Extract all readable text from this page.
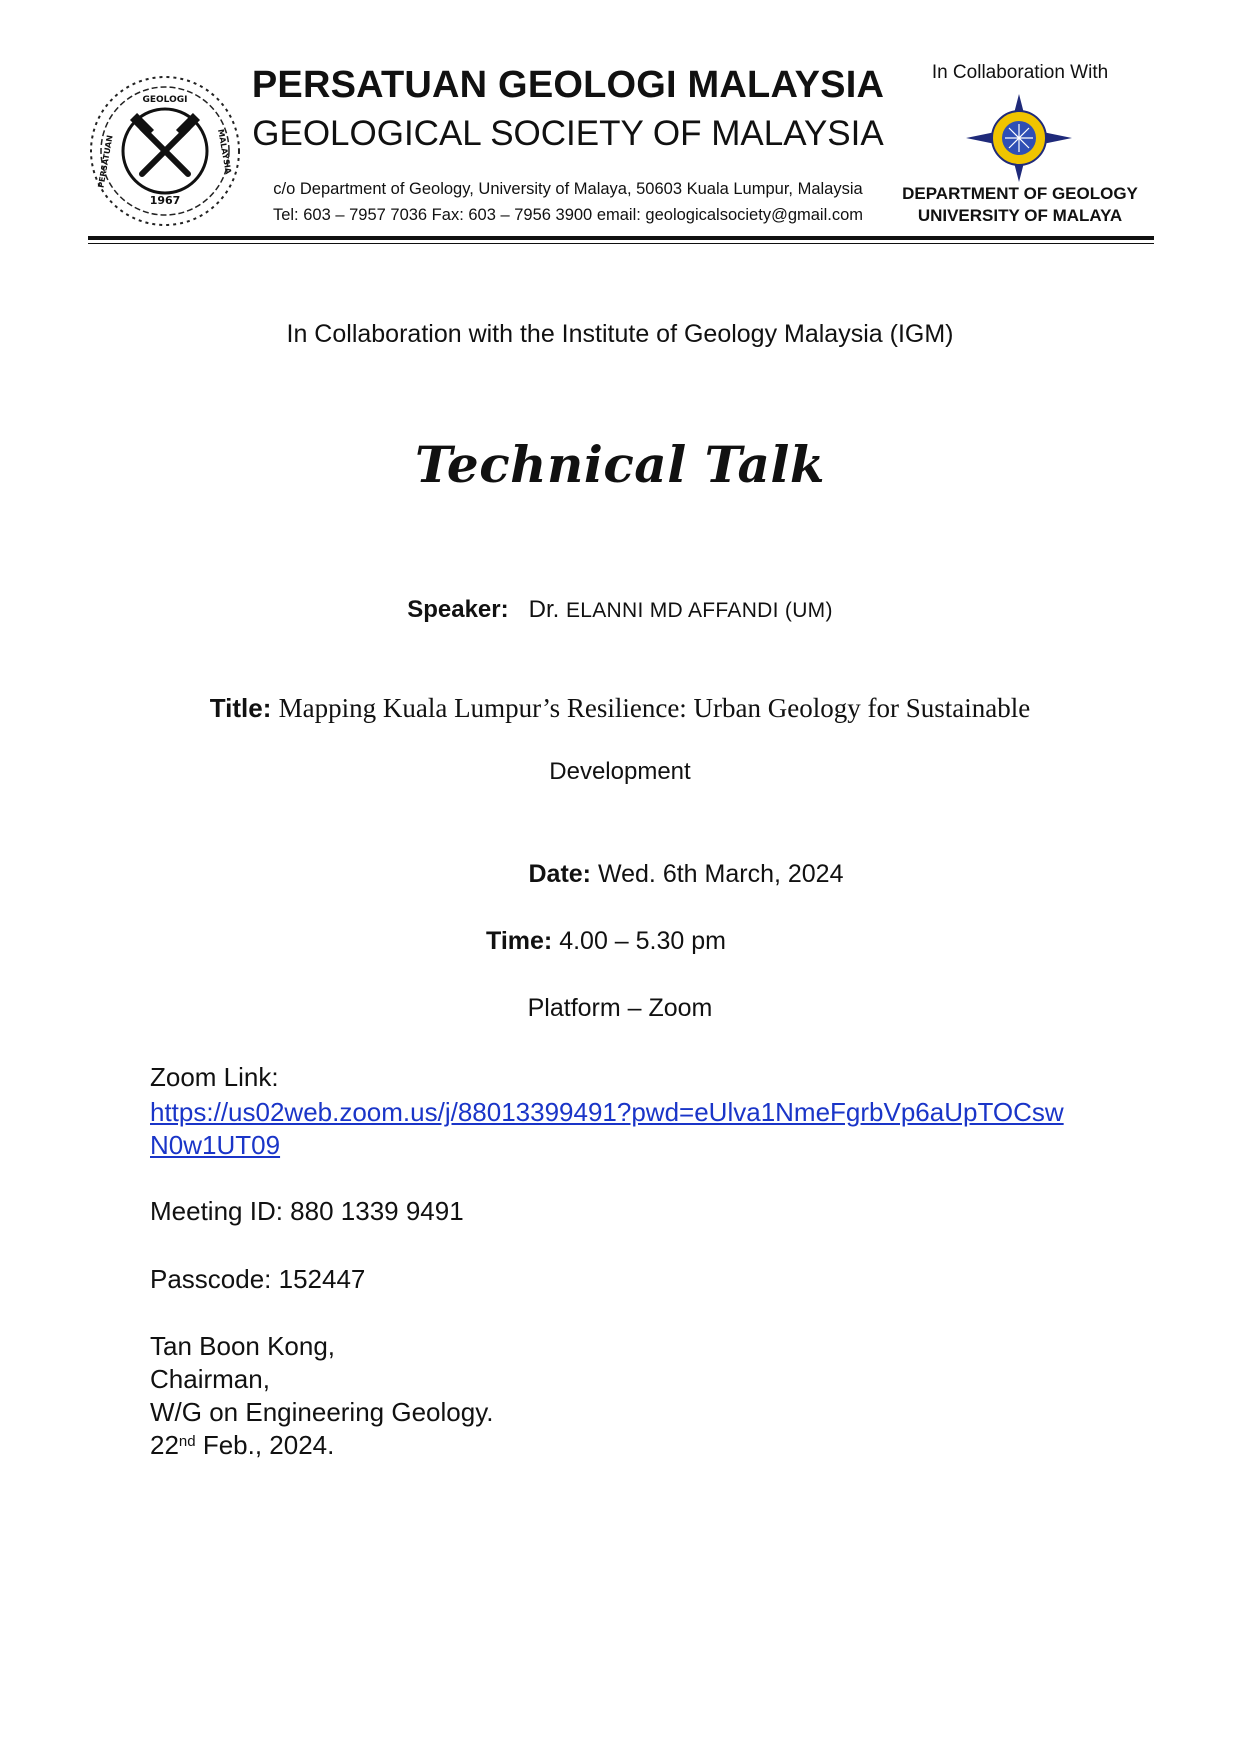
1967
GEOLOGI
PERSATUAN	MALAYSIA
PERSATUAN GEOLOGI MALAYSIA
GEOLOGICAL SOCIETY OF MALAYSIA
c/o Department of Geology, University of Malaya, 50603 Kuala Lumpur, Malaysia
Tel: 603 – 7957 7036 Fax: 603 – 7956 3900 email: geologicalsociety@gmail.com
In Collaboration With
DEPARTMENT OF GEOLOGY
UNIVERSITY OF MALAYA
In Collaboration with the Institute of Geology Malaysia (IGM)
Technical Talk
Speaker: Dr. ELANNI MD AFFANDI (UM)
Title: Mapping Kuala Lumpur’s Resilience: Urban Geology for Sustainable
Development
Date: Wed. 6th March, 2024
Time: 4.00 – 5.30 pm
Platform – Zoom
Zoom Link:
https://us02web.zoom.us/j/88013399491?pwd=eUlva1NmeFgrbVp6aUpTOCsw
N0w1UT09
Meeting ID: 880 1339 9491
Passcode: 152447
Tan Boon Kong,
Chairman,
W/G on Engineering Geology.
22nd Feb., 2024.
